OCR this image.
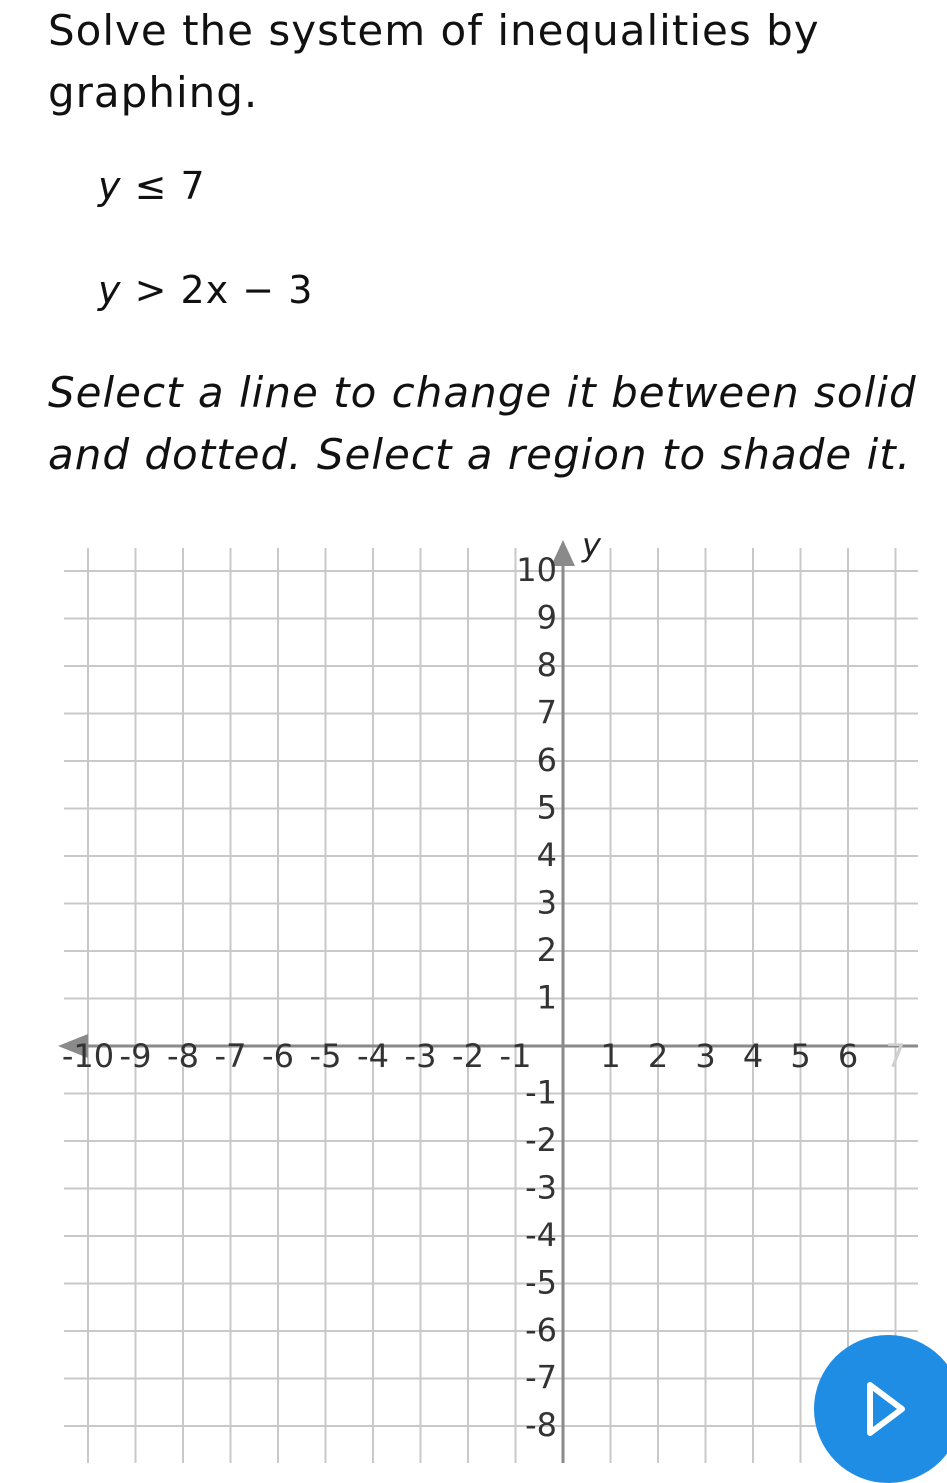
Solve the system of inequalities by graphing.
y ≤ 7
y > 2x − 3

Select a line to change it between solid and dotted. Select a region to shade it.

-10 -9 -8 -7 -6 -5 -4 -3 -2 -1 1 2 3 4 5 6 7
10
9
8
7
6
5
4
3
2
1
-1
-2
-3
-4
-5
-6
-7
-8
y
